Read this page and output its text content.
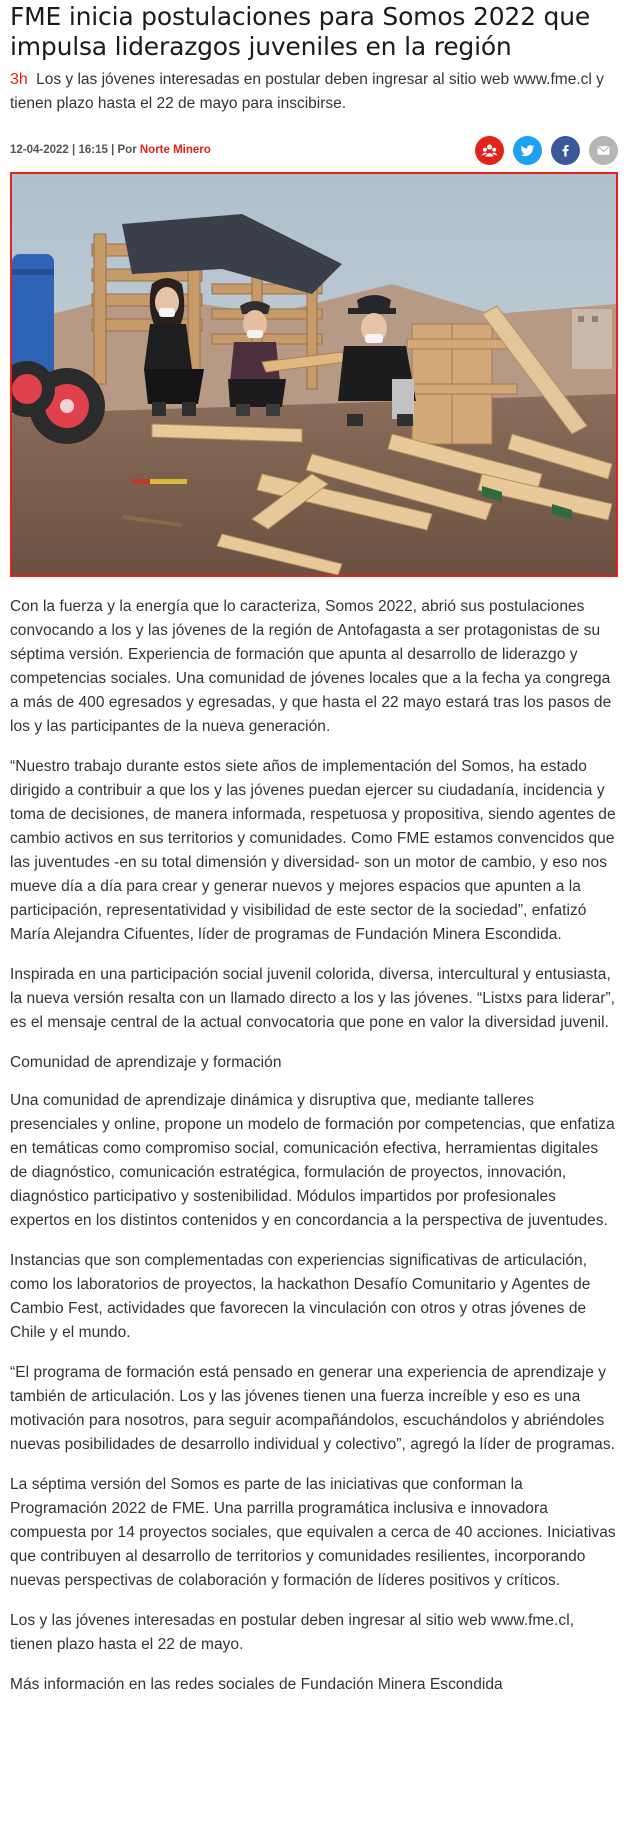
FME inicia postulaciones para Somos 2022 que impulsa liderazgos juveniles en la región

3h Los y las jóvenes interesadas en postular deben ingresar al sitio web www.fme.cl y tienen plazo hasta el 22 de mayo para inscibirse.

12-04-2022 | 16:15 | Por Norte Minero

Con la fuerza y la energía que lo caracteriza, Somos 2022, abrió sus postulaciones convocando a los y las jóvenes de la región de Antofagasta a ser protagonistas de su séptima versión. Experiencia de formación que apunta al desarrollo de liderazgo y competencias sociales. Una comunidad de jóvenes locales que a la fecha ya congrega a más de 400 egresados y egresadas, y que hasta el 22 mayo estará tras los pasos de los y las participantes de la nueva generación.

“Nuestro trabajo durante estos siete años de implementación del Somos, ha estado dirigido a contribuir a que los y las jóvenes puedan ejercer su ciudadanía, incidencia y toma de decisiones, de manera informada, respetuosa y propositiva, siendo agentes de cambio activos en sus territorios y comunidades. Como FME estamos convencidos que las juventudes -en su total dimensión y diversidad- son un motor de cambio, y eso nos mueve día a día para crear y generar nuevos y mejores espacios que apunten a la participación, representatividad y visibilidad de este sector de la sociedad”, enfatizó María Alejandra Cifuentes, líder de programas de Fundación Minera Escondida.

Inspirada en una participación social juvenil colorida, diversa, intercultural y entusiasta, la nueva versión resalta con un llamado directo a los y las jóvenes. “Listxs para liderar”, es el mensaje central de la actual convocatoria que pone en valor la diversidad juvenil.

Comunidad de aprendizaje y formación

Una comunidad de aprendizaje dinámica y disruptiva que, mediante talleres presenciales y online, propone un modelo de formación por competencias, que enfatiza en temáticas como compromiso social, comunicación efectiva, herramientas digitales de diagnóstico, comunicación estratégica, formulación de proyectos, innovación, diagnóstico participativo y sostenibilidad. Módulos impartidos por profesionales expertos en los distintos contenidos y en concordancia a la perspectiva de juventudes.

Instancias que son complementadas con experiencias significativas de articulación, como los laboratorios de proyectos, la hackathon Desafío Comunitario y Agentes de Cambio Fest, actividades que favorecen la vinculación con otros y otras jóvenes de Chile y el mundo.

“El programa de formación está pensado en generar una experiencia de aprendizaje y también de articulación. Los y las jóvenes tienen una fuerza increíble y eso es una motivación para nosotros, para seguir acompañándolos, escuchándolos y abriéndoles nuevas posibilidades de desarrollo individual y colectivo”, agregó la líder de programas.

La séptima versión del Somos es parte de las iniciativas que conforman la Programación 2022 de FME. Una parrilla programática inclusiva e innovadora compuesta por 14 proyectos sociales, que equivalen a cerca de 40 acciones. Iniciativas que contribuyen al desarrollo de territorios y comunidades resilientes, incorporando nuevas perspectivas de colaboración y formación de líderes positivos y críticos.

Los y las jóvenes interesadas en postular deben ingresar al sitio web www.fme.cl, tienen plazo hasta el 22 de mayo.

Más información en las redes sociales de Fundación Minera Escondida
